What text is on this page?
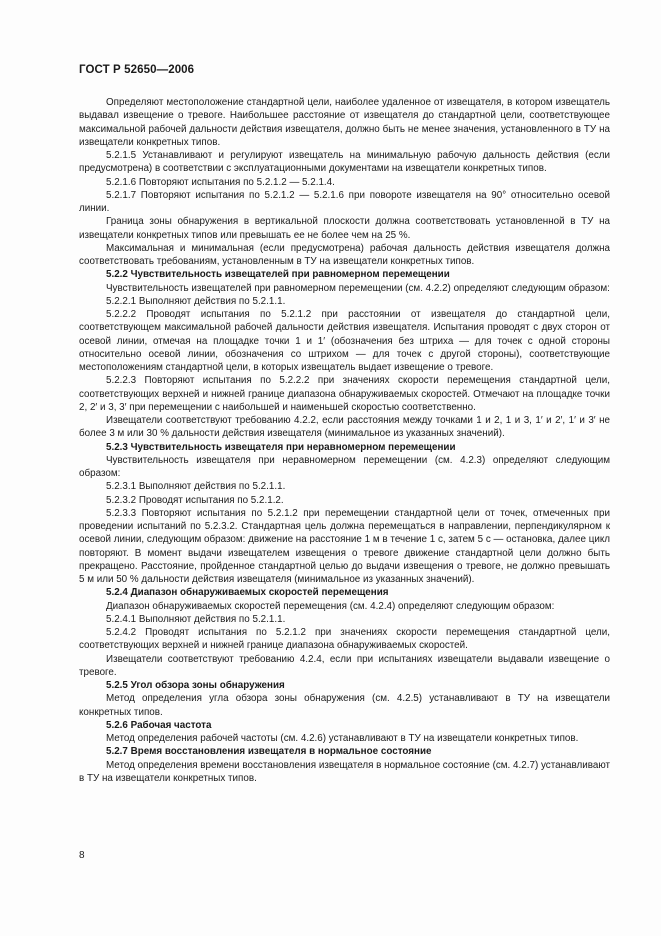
ГОСТ Р 52650—2006

Определяют местоположение стандартной цели, наиболее удаленное от извещателя, в котором извещатель выдавал извещение о тревоге. Наибольшее расстояние от извещателя до стандартной цели, соответствующее максимальной рабочей дальности действия извещателя, должно быть не менее значения, установленного в ТУ на извещатели конкретных типов.

5.2.1.5 Устанавливают и регулируют извещатель на минимальную рабочую дальность действия (если предусмотрена) в соответствии с эксплуатационными документами на извещатели конкретных типов.

5.2.1.6 Повторяют испытания по 5.2.1.2 — 5.2.1.4.

5.2.1.7 Повторяют испытания по 5.2.1.2 — 5.2.1.6 при повороте извещателя на 90° относительно осевой линии.

Граница зоны обнаружения в вертикальной плоскости должна соответствовать установленной в ТУ на извещатели конкретных типов или превышать ее не более чем на 25 %.

Максимальная и минимальная (если предусмотрена) рабочая дальность действия извещателя должна соответствовать требованиям, установленным в ТУ на извещатели конкретных типов.

5.2.2 Чувствительность извещателей при равномерном перемещении

Чувствительность извещателей при равномерном перемещении (см. 4.2.2) определяют следующим образом:

5.2.2.1 Выполняют действия по 5.2.1.1.

5.2.2.2 Проводят испытания по 5.2.1.2 при расстоянии от извещателя до стандартной цели, соответствующем максимальной рабочей дальности действия извещателя. Испытания проводят с двух сторон от осевой линии, отмечая на площадке точки 1 и 1′ (обозначения без штриха — для точек с одной стороны относительно осевой линии, обозначения со штрихом — для точек с другой стороны), соответствующие местоположениям стандартной цели, в которых извещатель выдает извещение о тревоге.

5.2.2.3 Повторяют испытания по 5.2.2.2 при значениях скорости перемещения стандартной цели, соответствующих верхней и нижней границе диапазона обнаруживаемых скоростей. Отмечают на площадке точки 2, 2′ и 3, 3′ при перемещении с наибольшей и наименьшей скоростью соответственно.

Извещатели соответствуют требованию 4.2.2, если расстояния между точками 1 и 2, 1 и 3, 1′ и 2′, 1′ и 3′ не более 3 м или 30 % дальности действия извещателя (минимальное из указанных значений).

5.2.3 Чувствительность извещателя при неравномерном перемещении

Чувствительность извещателя при неравномерном перемещении (см. 4.2.3) определяют следующим образом:

5.2.3.1 Выполняют действия по 5.2.1.1.

5.2.3.2 Проводят испытания по 5.2.1.2.

5.2.3.3 Повторяют испытания по 5.2.1.2 при перемещении стандартной цели от точек, отмеченных при проведении испытаний по 5.2.3.2. Стандартная цель должна перемещаться в направлении, перпендикулярном к осевой линии, следующим образом: движение на расстояние 1 м в течение 1 с, затем 5 с — остановка, далее цикл повторяют. В момент выдачи извещателем извещения о тревоге движение стандартной цели должно быть прекращено. Расстояние, пройденное стандартной целью до выдачи извещения о тревоге, не должно превышать 5 м или 50 % дальности действия извещателя (минимальное из указанных значений).

5.2.4 Диапазон обнаруживаемых скоростей перемещения

Диапазон обнаруживаемых скоростей перемещения (см. 4.2.4) определяют следующим образом:

5.2.4.1 Выполняют действия по 5.2.1.1.

5.2.4.2 Проводят испытания по 5.2.1.2 при значениях скорости перемещения стандартной цели, соответствующих верхней и нижней границе диапазона обнаруживаемых скоростей.

Извещатели соответствуют требованию 4.2.4, если при испытаниях извещатели выдавали извещение о тревоге.

5.2.5 Угол обзора зоны обнаружения

Метод определения угла обзора зоны обнаружения (см. 4.2.5) устанавливают в ТУ на извещатели конкретных типов.

5.2.6 Рабочая частота

Метод определения рабочей частоты (см. 4.2.6) устанавливают в ТУ на извещатели конкретных типов.

5.2.7 Время восстановления извещателя в нормальное состояние

Метод определения времени восстановления извещателя в нормальное состояние (см. 4.2.7) устанавливают в ТУ на извещатели конкретных типов.

8
